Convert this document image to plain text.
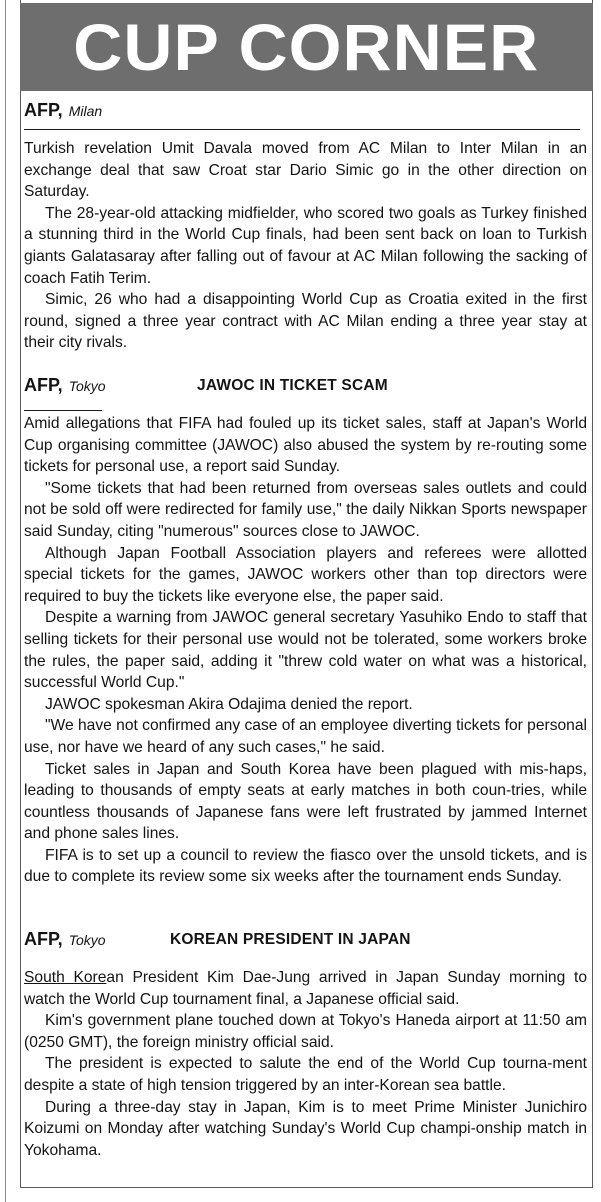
CUP CORNER
AFP, Milan

Turkish revelation Umit Davala moved from AC Milan to Inter Milan in an exchange deal that saw Croat star Dario Simic go in the other direction on Saturday.

The 28-year-old attacking midfielder, who scored two goals as Turkey finished a stunning third in the World Cup finals, had been sent back on loan to Turkish giants Galatasaray after falling out of favour at AC Milan following the sacking of coach Fatih Terim.

Simic, 26 who had a disappointing World Cup as Croatia exited in the first round, signed a three year contract with AC Milan ending a three year stay at their city rivals.

AFP, Tokyo	JAWOC IN TICKET SCAM

Amid allegations that FIFA had fouled up its ticket sales, staff at Japan's World Cup organising committee (JAWOC) also abused the system by re-routing some tickets for personal use, a report said Sunday.

"Some tickets that had been returned from overseas sales outlets and could not be sold off were redirected for family use," the daily Nikkan Sports newspaper said Sunday, citing "numerous" sources close to JAWOC.

Although Japan Football Association players and referees were allotted special tickets for the games, JAWOC workers other than top directors were required to buy the tickets like everyone else, the paper said.

Despite a warning from JAWOC general secretary Yasuhiko Endo to staff that selling tickets for their personal use would not be tolerated, some workers broke the rules, the paper said, adding it "threw cold water on what was a historical, successful World Cup."

JAWOC spokesman Akira Odajima denied the report.

"We have not confirmed any case of an employee diverting tickets for personal use, nor have we heard of any such cases," he said.

Ticket sales in Japan and South Korea have been plagued with mis-haps, leading to thousands of empty seats at early matches in both coun-tries, while countless thousands of Japanese fans were left frustrated by jammed Internet and phone sales lines.

FIFA is to set up a council to review the fiasco over the unsold tickets, and is due to complete its review some six weeks after the tournament ends Sunday.

AFP, Tokyo	KOREAN PRESIDENT IN JAPAN

South Korean President Kim Dae-Jung arrived in Japan Sunday morning to watch the World Cup tournament final, a Japanese official said.

Kim's government plane touched down at Tokyo's Haneda airport at 11:50 am (0250 GMT), the foreign ministry official said.

The president is expected to salute the end of the World Cup tourna-ment despite a state of high tension triggered by an inter-Korean sea battle.

During a three-day stay in Japan, Kim is to meet Prime Minister Junichiro Koizumi on Monday after watching Sunday's World Cup champi-onship match in Yokohama.
